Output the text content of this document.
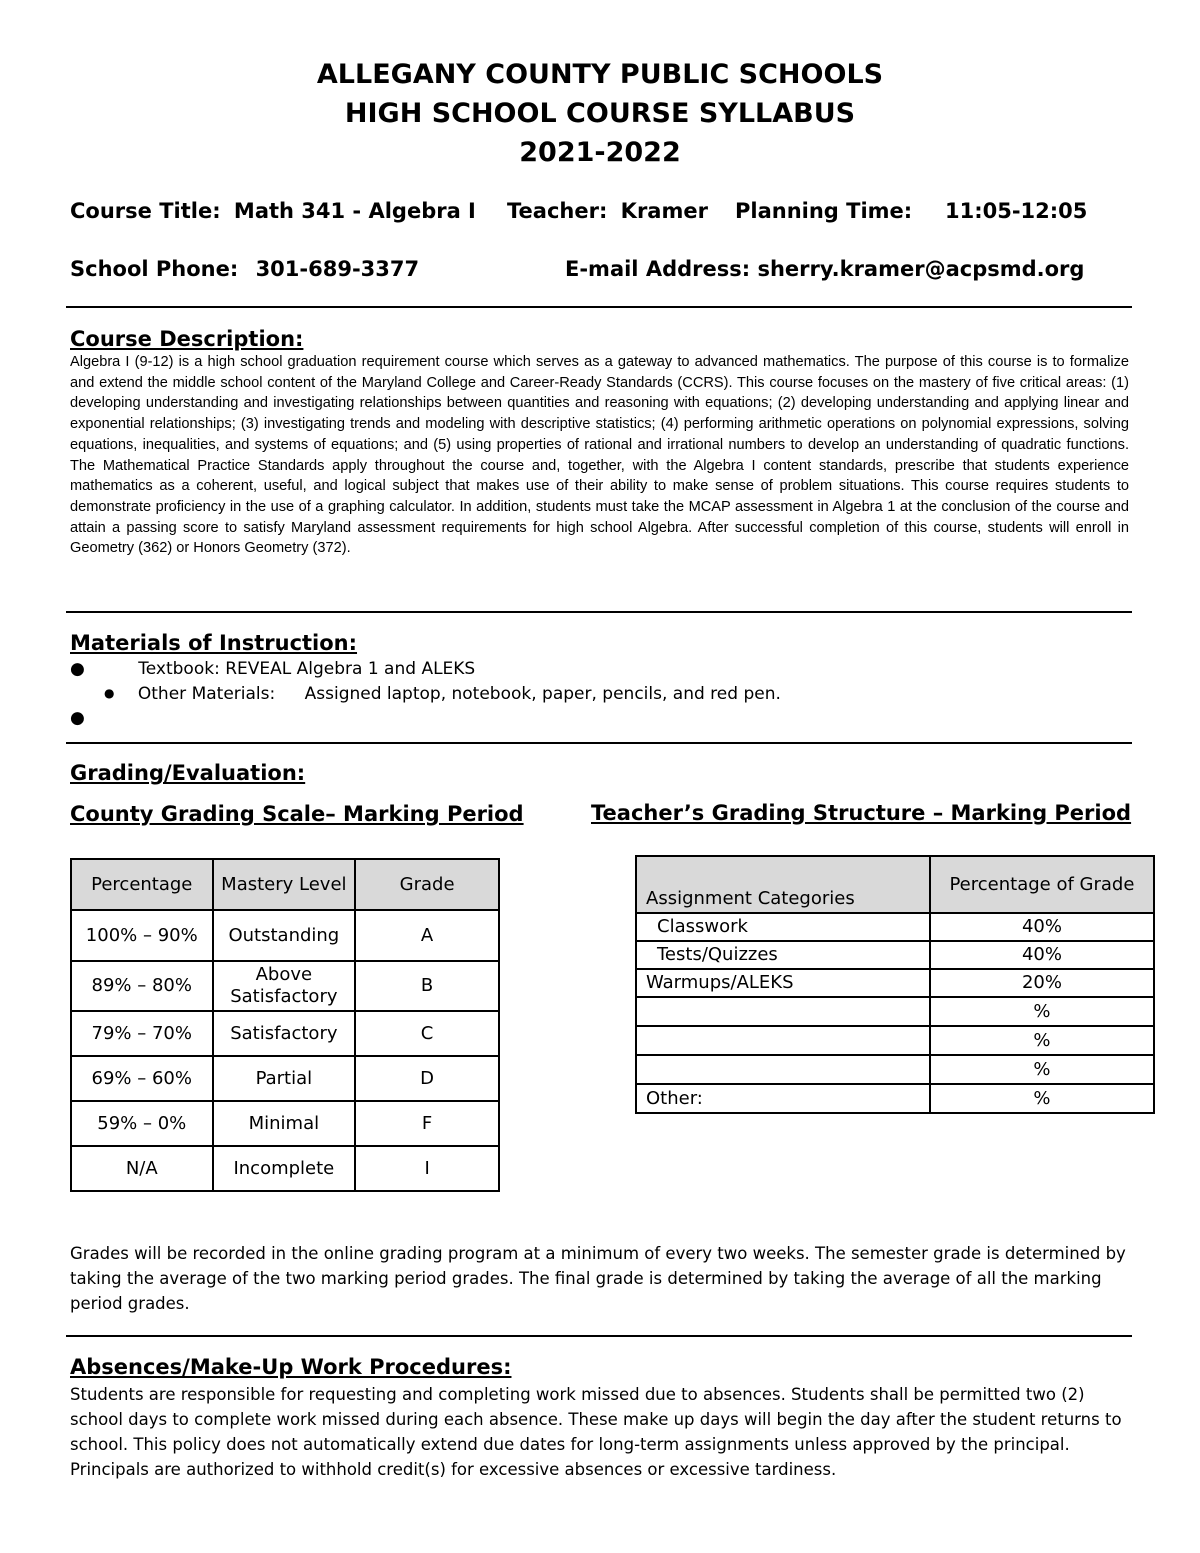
ALLEGANY COUNTY PUBLIC SCHOOLS
HIGH SCHOOL COURSE SYLLABUS
2021-2022
Course Title: Math 341 - Algebra I Teacher: Kramer Planning Time: 11:05-12:05
School Phone: 301-689-3377	E-mail Address: sherry.kramer@acpsmd.org
Course Description:

Algebra I (9-12) is a high school graduation requirement course which serves as a gateway to advanced mathematics. The purpose of this course is to formalize and extend the middle school content of the Maryland College and Career-Ready Standards (CCRS). This course focuses on the mastery of five critical areas: (1) developing understanding and investigating relationships between quantities and reasoning with equations; (2) developing understanding and applying linear and exponential relationships; (3) investigating trends and modeling with descriptive statistics; (4) performing arithmetic operations on polynomial expressions, solving equations, inequalities, and systems of equations; and (5) using properties of rational and irrational numbers to develop an understanding of quadratic functions. The Mathematical Practice Standards apply throughout the course and, together, with the Algebra I content standards, prescribe that students experience mathematics as a coherent, useful, and logical subject that makes use of their ability to make sense of problem situations. This course requires students to demonstrate proficiency in the use of a graphing calculator. In addition, students must take the MCAP assessment in Algebra 1 at the conclusion of the course and attain a passing score to satisfy Maryland assessment requirements for high school Algebra. After successful completion of this course, students will enroll in Geometry (362) or Honors Geometry (372).

Materials of Instruction:
●	Textbook: REVEAL Algebra 1 and ALEKS
● Other Materials: Assigned laptop, notebook, paper, pencils, and red pen.
●
Grading/Evaluation:
County Grading Scale– Marking Period	Teacher’s Grading Structure – Marking Period
Percentage	Mastery Level	Grade
100% – 90%	Outstanding	A
89% – 80%	Above Satisfactory	B
79% – 70%	Satisfactory	C
69% – 60%	Partial	D
59% – 0%	Minimal	F
N/A	Incomplete	I
Assignment Categories	Percentage of Grade
Classwork	40%
Tests/Quizzes	40%
Warmups/ALEKS	20%
	%
	%
	%
Other:	%
Grades will be recorded in the online grading program at a minimum of every two weeks. The semester grade is determined by taking the average of the two marking period grades. The final grade is determined by taking the average of all the marking period grades.
Absences/Make-Up Work Procedures:
Students are responsible for requesting and completing work missed due to absences. Students shall be permitted two (2) school days to complete work missed during each absence. These make up days will begin the day after the student returns to school. This policy does not automatically extend due dates for long-term assignments unless approved by the principal. Principals are authorized to withhold credit(s) for excessive absences or excessive tardiness.
